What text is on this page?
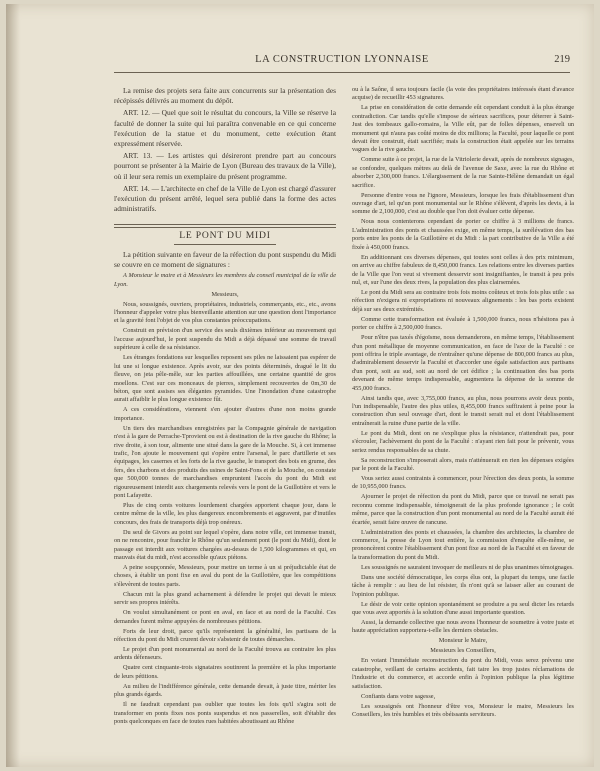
LA CONSTRUCTION LYONNAISE	219

La remise des projets sera faite aux concurrents sur la présentation des récépissés délivrés au moment du dépôt.

ART. 12. — Quel que soit le résultat du concours, la Ville se réserve la faculté de donner la suite qui lui paraîtra convenable en ce qui concerne l'exécution de la statue et du monument, cette exécution étant expressément réservée.

ART. 13. — Les artistes qui désireront prendre part au concours pourront se présenter à la Mairie de Lyon (Bureau des travaux de la Ville), où il leur sera remis un exemplaire du présent programme.

ART. 14. — L'architecte en chef de la Ville de Lyon est chargé d'assurer l'exécution du présent arrêté, lequel sera publié dans la forme des actes administratifs.

LE PONT DU MIDI

La pétition suivante en faveur de la réfection du pont suspendu du Midi se couvre en ce moment de signatures :

A Monsieur le maire et à Messieurs les membres du conseil municipal de la ville de Lyon.

Messieurs,

Nous, soussignés, ouvriers, propriétaires, industriels, commerçants, etc., etc., avons l'honneur d'appeler votre plus bienveillante attention sur une question dont l'importance et la gravité font l'objet de vos plus constantes préoccupations.

Construit en prévision d'un service des seuls dixièmes inférieur au mouvement qui l'accuse aujourd'hui, le pont suspendu du Midi a déjà dépassé une somme de travail supérieure à celle de sa résistance.

Les étranges fondations sur lesquelles reposent ses piles ne laissaient pas espérer de lui une si longue existence. Après avoir, sur des points déterminés, dragué le lit du fleuve, on jeta pêle-mêle, sur les parties affouillées, une certaine quantité de gros moellons. C'est sur ces monceaux de pierres, simplement recouvertes de 0m,30 de béton, que sont assises ses élégantes pyramides. Une l'inondation d'une catastrophe aurait affaiblir le plus longue existence fût.

A ces considérations, viennent s'en ajouter d'autres d'une non moins grande importance.

Un tiers des marchandises enregistrées par la Compagnie générale de navigation n'est à la gare de Perrache-Tprovient ou est à destination de la rive gauche du Rhône; la rive droite, à son tour, alimente une situé dans la gare de la Mouche. Si, à cet immense trafic, l'on ajoute le mouvement qui s'opère entre l'arsenal, le parc d'artillerie et ses équipages, les casernes et les forts de la rive gauche, le transport des bois en grume, des fers, des charbons et des produits des usines de Saint-Fons et de la Mouche, on constate que 500,000 tonnes de marchandises empruntent l'accès du pont du Midi est rigoureusement interdit aux chargements relevés vers le pont de la Guillotière et vers le pont Lafayette.

Plus de cinq cents voitures lourdement chargées apportent chaque jour, dans le centre même de la ville, les plus dangereux encombrements et aggravent, par d'inutiles concours, des frais de transports déjà trop onéreux.

Du seul de Givors au point sur lequel s'opère, dans notre ville, cet immense transit, on ne rencontre, pour franchir le Rhône qu'un seulement pont (le pont du Midi), dont le passage est interdit aux voitures chargées au-dessus de 1,500 kilogrammes et qui, en mauvais état du midi, n'est accessible qu'aux piétons.

A peine soupçonnée, Messieurs, pour mettre un terme à un si préjudiciable état de choses, à établir un pont fixe en aval du pont de la Guillotière, que les compétitions s'élevèrent de toutes parts.

Chacun mit la plus grand acharnement à défendre le projet qui devait le mieux servir ses propres intérêts.

On voulut simultanément ce pont en aval, en face et au nord de la Faculté. Ces demandes furent même appuyées de nombreuses pétitions.

Forts de leur droit, parce qu'ils représentent la généralité, les partisans de la réfection du pont du Midi crurent devoir s'abstenir de toutes démarches.

Le projet d'un pont monumental au nord de la Faculté trouva au contraire les plus ardents défenseurs.

Quatre cent cinquante-trois signataires soutinrent la première et la plus importante de leurs pétitions.

Au milieu de l'indifférence générale, cette demande devait, à juste titre, mériter les plus grands égards.

Il ne faudrait cependant pas oublier que toutes les fois qu'il s'agira soit de transformer en ponts fixes nos ponts suspendus et nos passerelles, soit d'établir des ponts quelconques en face de toutes rues habitées aboutissant au Rhône

ou à la Saône, il sera toujours facile (la voie des propriétaires intéressés étant d'avance acquise) de recueillir 453 signatures.

La prise en considération de cette demande eût cependant conduit à la plus étrange contradiction. Car tandis qu'elle s'impose de sérieux sacrifices, pour déterrer à Saint-Just des tombeaux gallo-romains, la Ville eût, par de folles dépenses, enseveli un monument qui n'aura pas coûté moins de dix millions; la Faculté, pour laquelle ce pont devait être construit, était sacrifiée; mais la construction était appelée sur les terrains vagues de la rive gauche.

Comme suite à ce projet, la rue de la Vitriolerie devait, après de nombreux signages, se confondre, quelques mètres au delà de l'avenue de Saxe, avec la rue du Rhône et absorber 2,300,000 francs. L'élargissement de la rue Sainte-Hélène demandait un égal sacrifice.

Personne d'entre vous ne l'ignore, Messieurs, lorsque les frais d'établissement d'un ouvrage d'art, tel qu'un pont monumental sur le Rhône s'élèvent, d'après les devis, à la somme de 2,100,000, c'est au double que l'on doit évaluer cette dépense.

Nous nous contenterons cependant de porter ce chiffre à 3 millions de francs. L'administration des ponts et chaussées exige, en même temps, la surélévation des bas ports entre les ponts de la Guillotière et du Midi : la part contributive de la Ville a été fixée à 450,000 francs.

En additionnant ces diverses dépenses, qui toutes sont celles à des prix minimum, on arrive au chiffre fabuleux de 8,450,000 francs. Les relations entre les diverses parties de la Ville que l'on veut si vivement desservir sont insignifiantes, le transit à peu près nul, et, sur l'une des deux rives, la population des plus clairsemées.

Le pont du Midi sera au contraire trois fois moins coûteux et trois fois plus utile : sa réfection n'exigera ni expropriations ni nouveaux alignements : les bas ports existent déjà sur ses deux extrémités.

Comme cette transformation est évaluée à 1,500,000 francs, nous n'hésitons pas à porter ce chiffre à 2,500,000 francs.

Pour n'être pas taxés d'égoïsme, nous demanderons, en même temps, l'établissement d'un pont métallique de moyenne communication, en face de l'axe de la Faculté : ce pont offrira le triple avantage, de n'entraîner qu'une dépense de 800,000 francs au plus, d'admirablement desservir la Faculté et d'accorder une égale satisfaction aux partisans d'un pont, soit au sud, soit au nord de cet édifice ; la continuation des bas ports devenant de même temps indispensable, augmentera la dépense de la somme de 455,000 francs.

Ainsi tandis que, avec 3,755,000 francs, au plus, nous pourrons avoir deux ponts, l'un indispensable, l'autre des plus utiles, 8,455,000 francs suffiraient à peine pour la construction d'un seul ouvrage d'art, dont le transit serait nul et dont l'établissement entraînerait la ruine d'une partie de la ville.

Le pont du Midi, dont on ne s'explique plus la résistance, n'attendrait pas, pour s'écrouler, l'achèvement du pont de la Faculté : n'ayant rien fait pour le prévenir, vous seriez rendus responsables de sa chute.

Sa reconstruction s'imposerait alors, mais n'atténuerait en rien les dépenses exigées par le pont de la Faculté.

Vous seriez aussi contraints à commencer, pour l'érection des deux ponts, la somme de 10,955,000 francs.

Ajourner le projet de réfection du pont du Midi, parce que ce travail ne serait pas reconnu comme indispensable, témoignerait de la plus profonde ignorance ; le coût même, parce que la construction d'un pont monumental au nord de la Faculté aurait été écartée, serait faire œuvre de rancune.

L'administration des ponts et chaussées, la chambre des architectes, la chambre de commerce, la presse de Lyon tout entière, la commission d'enquête elle-même, se prononcèrent contre l'établissement d'un pont fixe au nord de la Faculté et en faveur de la transformation du pont du Midi.

Les soussignés ne sauraient invoquer de meilleurs ni de plus unanimes témoignages.

Dans une société démocratique, les corps élus ont, la plupart du temps, une facile tâche à remplir : au lieu de lui résister, ils n'ont qu'à se laisser aller au courant de l'opinion publique.

Le désir de voir cette opinion spontanément se produire a pu seul dicter les retards que vous avez apportés à la solution d'une aussi importante question.

Aussi, la demande collective que nous avons l'honneur de soumettre à votre juste et haute appréciation supportera-t-elle les derniers obstacles.

Monsieur le Maire,

Messieurs les Conseillers,

En votant l'immédiate reconstruction du pont du Midi, vous serez prévenu une catastrophe, veillant de certains accidents, fait taire les trop justes réclamations de l'industrie et du commerce, et accorde enfin à l'opinion publique la plus légitime satisfaction.

Confiants dans votre sagesse,

Les soussignés ont l'honneur d'être vos, Monsieur le maire, Messieurs les Conseillers, les très humbles et très obéissants serviteurs.
